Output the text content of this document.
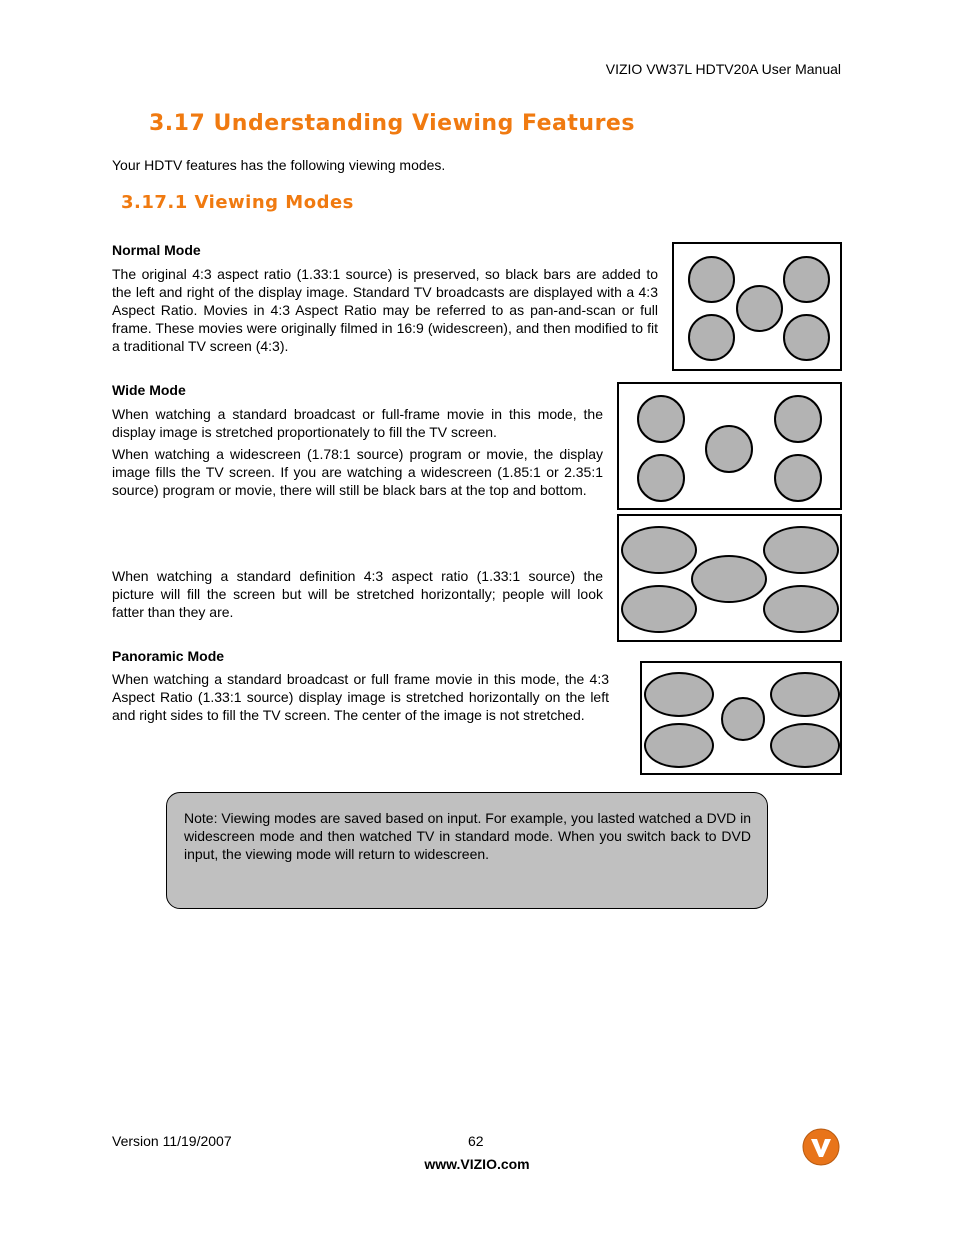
VIZIO VW37L HDTV20A User Manual
3.17 Understanding Viewing Features
Your HDTV features has the following viewing modes.
3.17.1 Viewing Modes
Normal Mode
The original 4:3 aspect ratio (1.33:1 source) is preserved, so black bars are added to the left and right of the display image. Standard TV broadcasts are displayed with a 4:3 Aspect Ratio. Movies in 4:3 Aspect Ratio may be referred to as pan-and-scan or full frame. These movies were originally filmed in 16:9 (widescreen), and then modified to fit a traditional TV screen (4:3).
Wide Mode
When watching a standard broadcast or full-frame movie in this mode, the display image is stretched proportionately to fill the TV screen.
When watching a widescreen (1.78:1 source) program or movie, the display image fills the TV screen. If you are watching a widescreen (1.85:1 or 2.35:1 source) program or movie, there will still be black bars at the top and bottom.
When watching a standard definition 4:3 aspect ratio (1.33:1 source) the picture will fill the screen but will be stretched horizontally; people will look fatter than they are.
Panoramic Mode
When watching a standard broadcast or full frame movie in this mode, the 4:3 Aspect Ratio (1.33:1 source) display image is stretched horizontally on the left and right sides to fill the TV screen. The center of the image is not stretched.
Note: Viewing modes are saved based on input. For example, you lasted watched a DVD in widescreen mode and then watched TV in standard mode. When you switch back to DVD input, the viewing mode will return to widescreen.
Version 11/19/2007	62
www.VIZIO.com
